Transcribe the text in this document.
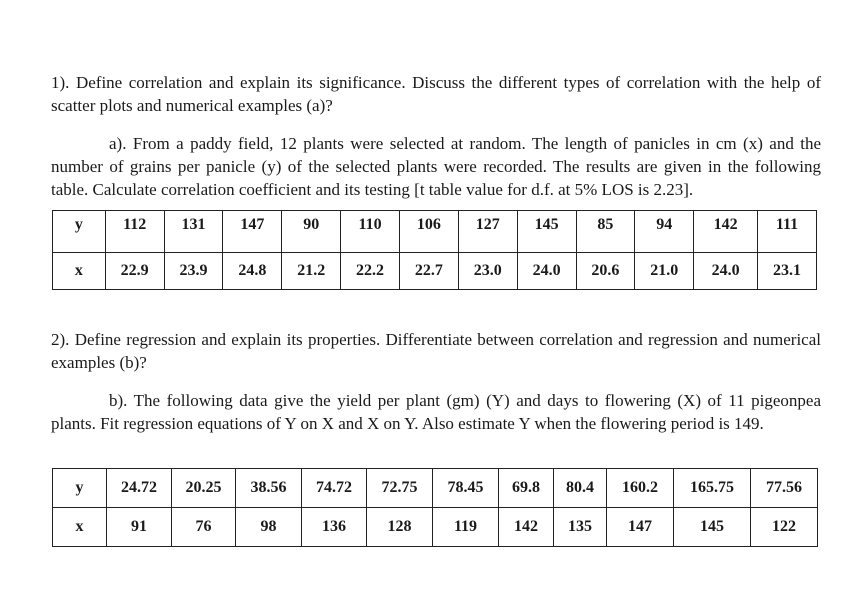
1). Define correlation and explain its significance. Discuss the different types of correlation with the help of scatter plots and numerical examples (a)?

a). From a paddy field, 12 plants were selected at random. The length of panicles in cm (x) and the number of grains per panicle (y) of the selected plants were recorded. The results are given in the following table. Calculate correlation coefficient and its testing [t table value for d.f. at 5% LOS is 2.23].

y	112	131	147	90	110	106	127	145	85	94	142	111
x	22.9	23.9	24.8	21.2	22.2	22.7	23.0	24.0	20.6	21.0	24.0	23.1

2). Define regression and explain its properties. Differentiate between correlation and regression and numerical examples (b)?

b). The following data give the yield per plant (gm) (Y) and days to flowering (X) of 11 pigeonpea plants. Fit regression equations of Y on X and X on Y. Also estimate Y when the flowering period is 149.

y	24.72	20.25	38.56	74.72	72.75	78.45	69.8	80.4	160.2	165.75	77.56
x	91	76	98	136	128	119	142	135	147	145	122
